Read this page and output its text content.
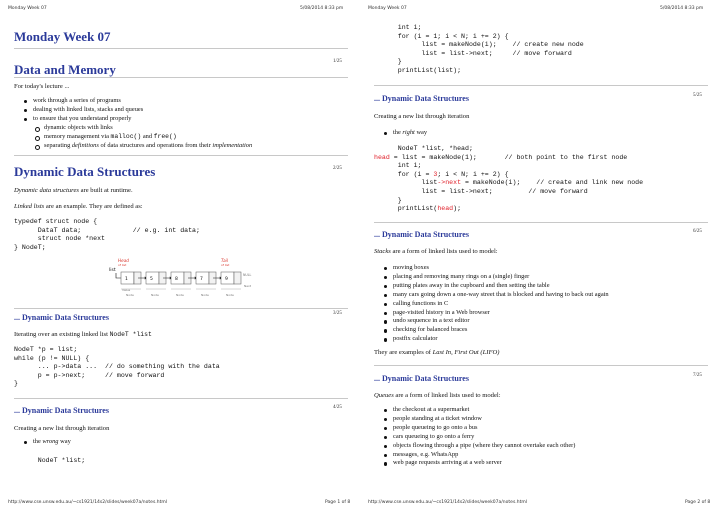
Monday Week 07	5/08/2014 8:33 pm
Monday Week 07
Data and Memory
1/25
For today's lecture ...
work through a series of programs
dealing with linked lists, stacks and queues
to ensure that you understand properly
dynamic objects with links
memory management via malloc() and free()
separating definitions of data structures and operations from their implementation
Dynamic Data Structures	2/25
Dynamic data structures are built at runtime.
Linked lists are an example. They are defined as:
typedef struct node {
DataT data;             // e.g. int data;
struct node *next
} NodeT;
Head
of list
Tail
of list
list
1	5	8	7	9
NULL
Next
Value
Node	Node	Node	Node	Node
... Dynamic Data Structures	3/25
Iterating over an existing linked list NodeT *list
NodeT *p = list;
while (p != NULL) {
... p->data ...  // do something with the data
p = p->next;     // move forward
}
... Dynamic Data Structures	4/25
Creating a new list through iteration
the wrong way
NodeT *list;
http://www.cse.unsw.edu.au/~cs1921/14s2/slides/week07a/notes.html	Page 1 of 8
Monday Week 07	5/08/2014 8:33 pm
int i;
for (i = 1; i < N; i += 2) {
list = makeNode(i);    // create new node
list = list->next;     // move forward
}
printList(list);
... Dynamic Data Structures	5/25
Creating a new list through iteration
the right way
NodeT *list, *head;
head = list = makeNode(1);       // both point to the first node
int i;
for (i = 3; i < N; i += 2) {
list->next = makeNode(i);    // create and link new node
list = list->next;         // move forward
}
printList(head);
... Dynamic Data Structures	6/25
Stacks are a form of linked lists used to model:
moving boxes
placing and removing many rings on a (single) finger
putting plates away in the cupboard and then setting the table
many cars going down a one-way street that is blocked and having to back out again
calling functions in C
page-visited history in a Web browser
undo sequence in a text editor
checking for balanced braces
postfix calculator
They are examples of Last In, First Out (LIFO)
... Dynamic Data Structures	7/25
Queues are a form of linked lists used to model:
the checkout at a supermarket
people standing at a ticket window
people queueing to go onto a bus
cars queueing to go onto a ferry
objects flowing through a pipe (where they cannot overtake each other)
messages, e.g. WhatsApp
web page requests arriving at a web server
http://www.cse.unsw.edu.au/~cs1921/14s2/slides/week07a/notes.html	Page 2 of 8
